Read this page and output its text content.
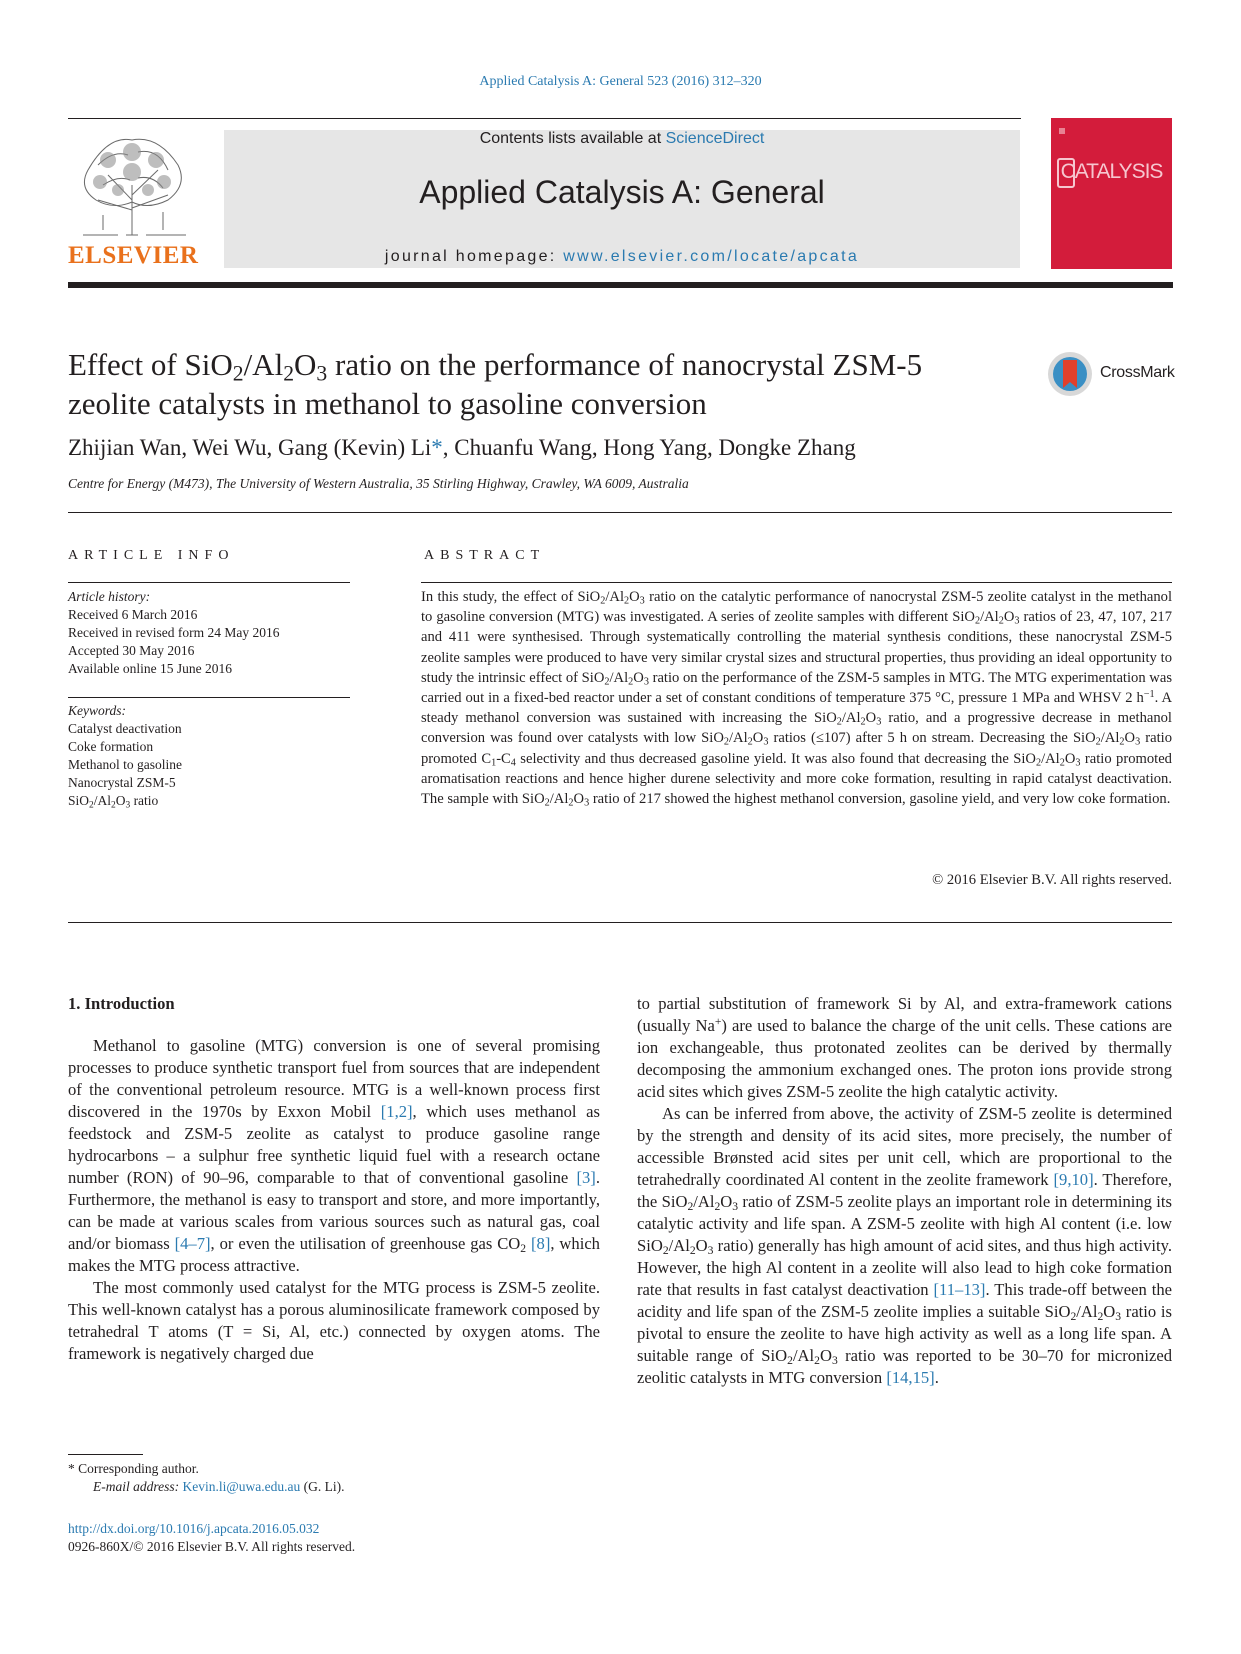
Applied Catalysis A: General 523 (2016) 312–320
ELSEVIER
Contents lists available at ScienceDirect
Applied Catalysis A: General
journal homepage: www.elsevier.com/locate/apcata
CATALYSIS
Effect of $SiO_2/Al_2O_3$ ratio on the performance of nanocrystal ZSM-5
zeolite catalysts in methanol to gasoline conversion
CrossMark
Zhijian Wan, Wei Wu, Gang (Kevin) Li*, Chuanfu Wang, Hong Yang, Dongke Zhang
Centre for Energy (M473), The University of Western Australia, 35 Stirling Highway, Crawley, WA 6009, Australia
ARTICLE INFO	ABSTRACT
Article history:
Received 6 March 2016
Received in revised form 24 May 2016
Accepted 30 May 2016
Available online 15 June 2016
Keywords:
Catalyst deactivation
Coke formation
Methanol to gasoline
Nanocrystal ZSM-5
$SiO_2/Al_2O_3$ ratio
In this study, the effect of $SiO_2/Al_2O_3$ ratio on the catalytic performance of nanocrystal ZSM-5 zeolite catalyst in the methanol to gasoline conversion (MTG) was investigated. A series of zeolite samples with different $SiO_2/Al_2O_3$ ratios of 23, 47, 107, 217 and 411 were synthesised. Through systematically controlling the material synthesis conditions, these nanocrystal ZSM-5 zeolite samples were produced to have very similar crystal sizes and structural properties, thus providing an ideal opportunity to study the intrinsic effect of $SiO_2/Al_2O_3$ ratio on the performance of the ZSM-5 samples in MTG. The MTG experimentation was carried out in a fixed-bed reactor under a set of constant conditions of temperature 375 °C, pressure 1 MPa and WHSV 2 $h^{-1}$. A steady methanol conversion was sustained with increasing the $SiO_2/Al_2O_3$ ratio, and a progressive decrease in methanol conversion was found over catalysts with low $SiO_2/Al_2O_3$ ratios (≤107) after 5 h on stream. Decreasing the $SiO_2/Al_2O_3$ ratio promoted $C_1-C_4$ selectivity and thus decreased gasoline yield. It was also found that decreasing the $SiO_2/Al_2O_3$ ratio promoted aromatisation reactions and hence higher durene selectivity and more coke formation, resulting in rapid catalyst deactivation. The sample with $SiO_2/Al_2O_3$ ratio of 217 showed the highest methanol conversion, gasoline yield, and very low coke formation.
© 2016 Elsevier B.V. All rights reserved.
1. Introduction

Methanol to gasoline (MTG) conversion is one of several promising processes to produce synthetic transport fuel from sources that are independent of the conventional petroleum resource. MTG is a well-known process first discovered in the 1970s by Exxon Mobil [1,2], which uses methanol as feedstock and ZSM-5 zeolite as catalyst to produce gasoline range hydrocarbons – a sulphur free synthetic liquid fuel with a research octane number (RON) of 90–96, comparable to that of conventional gasoline [3]. Furthermore, the methanol is easy to transport and store, and more importantly, can be made at various scales from various sources such as natural gas, coal and/or biomass [4–7], or even the utilisation of greenhouse gas $CO_2$ [8], which makes the MTG process attractive.

The most commonly used catalyst for the MTG process is ZSM-5 zeolite. This well-known catalyst has a porous aluminosilicate framework composed by tetrahedral T atoms (T = Si, Al, etc.) connected by oxygen atoms. The framework is negatively charged due

to partial substitution of framework Si by Al, and extra-framework cations (usually Na+) are used to balance the charge of the unit cells. These cations are ion exchangeable, thus protonated zeolites can be derived by thermally decomposing the ammonium exchanged ones. The proton ions provide strong acid sites which gives ZSM-5 zeolite the high catalytic activity.

As can be inferred from above, the activity of ZSM-5 zeolite is determined by the strength and density of its acid sites, more precisely, the number of accessible Brønsted acid sites per unit cell, which are proportional to the tetrahedrally coordinated Al content in the zeolite framework [9,10]. Therefore, the $SiO_2/Al_2O_3$ ratio of ZSM-5 zeolite plays an important role in determining its catalytic activity and life span. A ZSM-5 zeolite with high Al content (i.e. low $SiO_2/Al_2O_3$ ratio) generally has high amount of acid sites, and thus high activity. However, the high Al content in a zeolite will also lead to high coke formation rate that results in fast catalyst deactivation [11–13]. This trade-off between the acidity and life span of the ZSM-5 zeolite implies a suitable $SiO_2/Al_2O_3$ ratio is pivotal to ensure the zeolite to have high activity as well as a long life span. A suitable range of $SiO_2/Al_2O_3$ ratio was reported to be 30–70 for micronized zeolitic catalysts in MTG conversion [14,15].

* Corresponding author.
E-mail address: Kevin.li@uwa.edu.au (G. Li).
http://dx.doi.org/10.1016/j.apcata.2016.05.032
0926-860X/© 2016 Elsevier B.V. All rights reserved.
